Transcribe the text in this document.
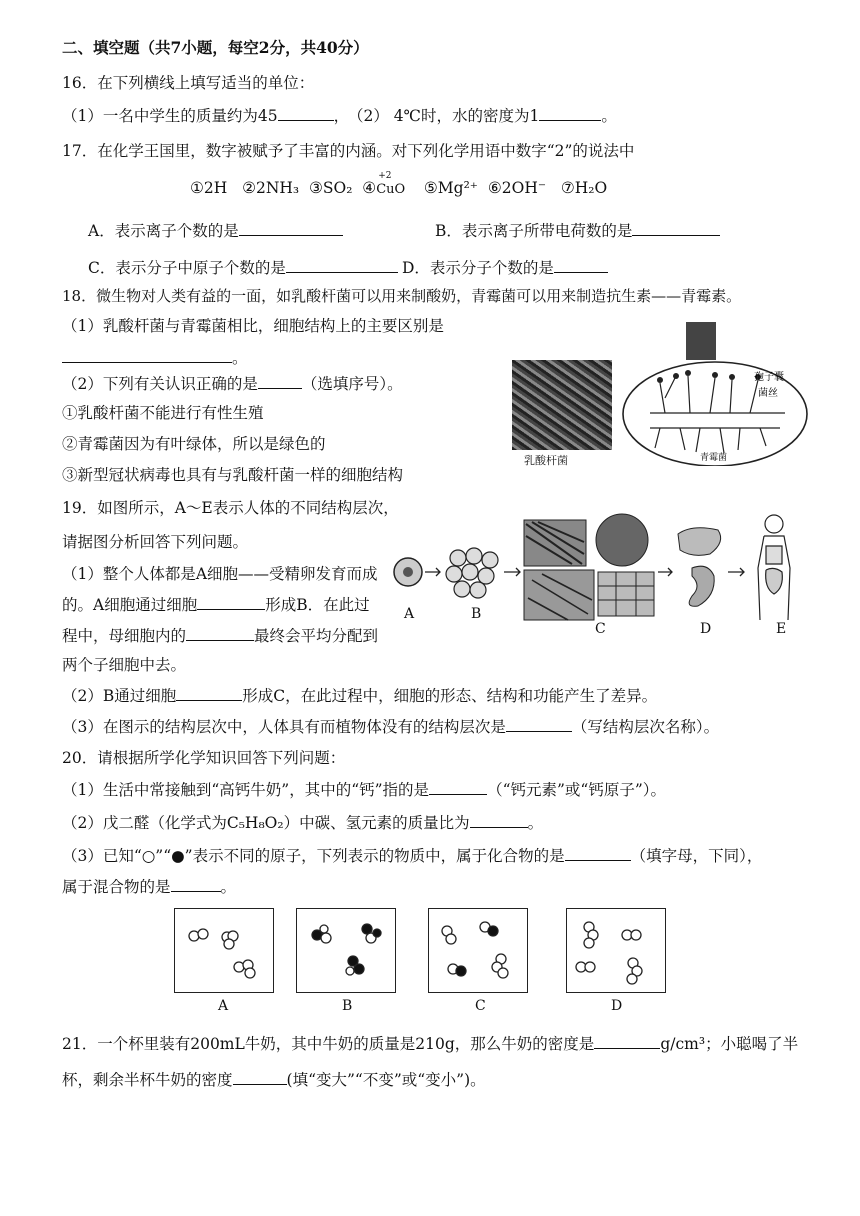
二、填空题（共7小题，每空2分，共40分）
16．在下列横线上填写适当的单位：
（1）一名中学生的质量约为45	，
（2） 4℃时，水的密度为1	。
17．在化学王国里，数字被赋予了丰富的内涵。对下列化学用语中数字“2”的说法中
①2H ②2NH₃ ③SO₂ ④
+2
CuO ⑤Mg²⁺ ⑥2OH⁻ ⑦H₂O
A．表示离子个数的是	B．表示离子所带电荷数的是
C．表示分子中原子个数的是	D．表示分子个数的是
18．微生物对人类有益的一面，如乳酸杆菌可以用来制酸奶，青霉菌可以用来制造抗生素——青霉素。
（1）乳酸杆菌与青霉菌相比，细胞结构上的主要区别是
。
（2）下列有关认识正确的是	（选填序号）。
①乳酸杆菌不能进行有性生殖
②青霉菌因为有叶绿体，所以是绿色的
③新型冠状病毒也具有与乳酸杆菌一样的细胞结构
乳酸杆菌
孢子囊
菌丝
青霉菌
19．如图所示，A～E表示人体的不同结构层次，
请据图分析回答下列问题。
（1）整个人体都是A细胞——受精卵发育而成
的。A细胞通过细胞	形成B．在此过
程中，母细胞内的	最终会平均分配到
两个子细胞中去。
（2）B通过细胞	形成C，在此过程中，细胞的形态、结构和功能产生了差异。
（3）在图示的结构层次中，人体具有而植物体没有的结构层次是	（写结构层次名称）。
A	B
C	D	E
20．请根据所学化学知识回答下列问题：
（1）生活中常接触到“高钙牛奶”，其中的“钙”指的是	（“钙元素”或“钙原子”）。
（2）戊二醛（化学式为C₅H₈O₂）中碳、氢元素的质量比为	。
（3）已知“○”“●”表示不同的原子，下列表示的物质中，属于化合物的是	（填字母，下同），
属于混合物的是	。
A	B	C	D
21．一个杯里装有200mL牛奶，其中牛奶的质量是210g，那么牛奶的密度是	g/cm³；小聪喝了半
杯，剩余半杯牛奶的密度	(填“变大”“不变”或“变小”)。
